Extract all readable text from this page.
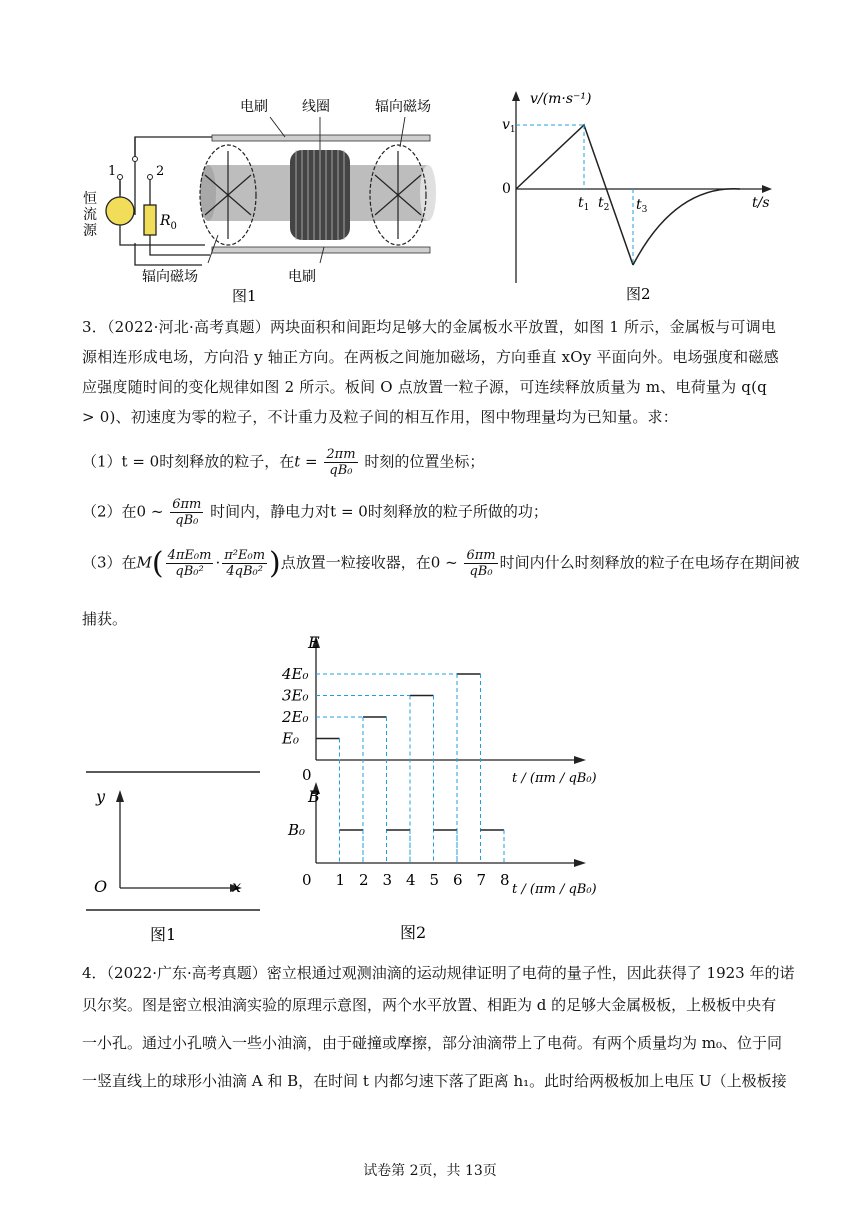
电刷 线圈	辐向磁场
辐向磁场	电刷
恒
流
源
1	2
$R_0$
图1
v/(m·s⁻¹)
t/s
0
$v_1$
$t_1$ $t_2$ $t_3$
图2
3．（2022·河北·高考真题）两块面积和间距均足够大的金属板水平放置，如图 1 所示，金属板与可调电源相连形成电场，方向沿 y 轴正方向。在两板之间施加磁场，方向垂直 xOy 平面向外。电场强度和磁感应强度随时间的变化规律如图 2 所示。板间 O 点放置一粒子源，可连续释放质量为 m、电荷量为 q(q > 0)、初速度为零的粒子，不计重力及粒子间的相互作用，图中物理量均为已知量。求：
（1）t = 0时刻释放的粒子，在$t = \frac{2\pi m}{\text{qB₀}}$ 时刻的位置坐标；
（2）在0 ~ $\frac{6\pi m}{\text{qB₀}}$ 时间内，静电力对t = 0时刻释放的粒子所做的功；
（3）在$M( \frac{\text{4πE₀m}}{\text{qB₀²}} \cdot \frac{\text{π²E₀m}}{\text{4qB₀²}}$ )点放置一粒接收器，在0 ~ $\frac{6\pi m}{\text{qB₀}}$ 时间内什么时刻释放的粒子在电场存在期间被
捕获。
y
x
O
图1
E₀
2E₀
3E₀
4E₀
B₀
E
B
0
0 1 2 3 4 5 6 7 8
t / (πm / qB₀)
t / (πm / qB₀)
图2
4．（2022·广东·高考真题）密立根通过观测油滴的运动规律证明了电荷的量子性，因此获得了 1923 年的诺
贝尔奖。图是密立根油滴实验的原理示意图，两个水平放置、相距为 d 的足够大金属极板，上极板中央有
一小孔。通过小孔喷入一些小油滴，由于碰撞或摩擦，部分油滴带上了电荷。有两个质量均为 m₀、位于同
一竖直线上的球形小油滴 A 和 B，在时间 t 内都匀速下落了距离 h₁。此时给两极板加上电压 U（上极板接
试卷第 2页，共 13页
